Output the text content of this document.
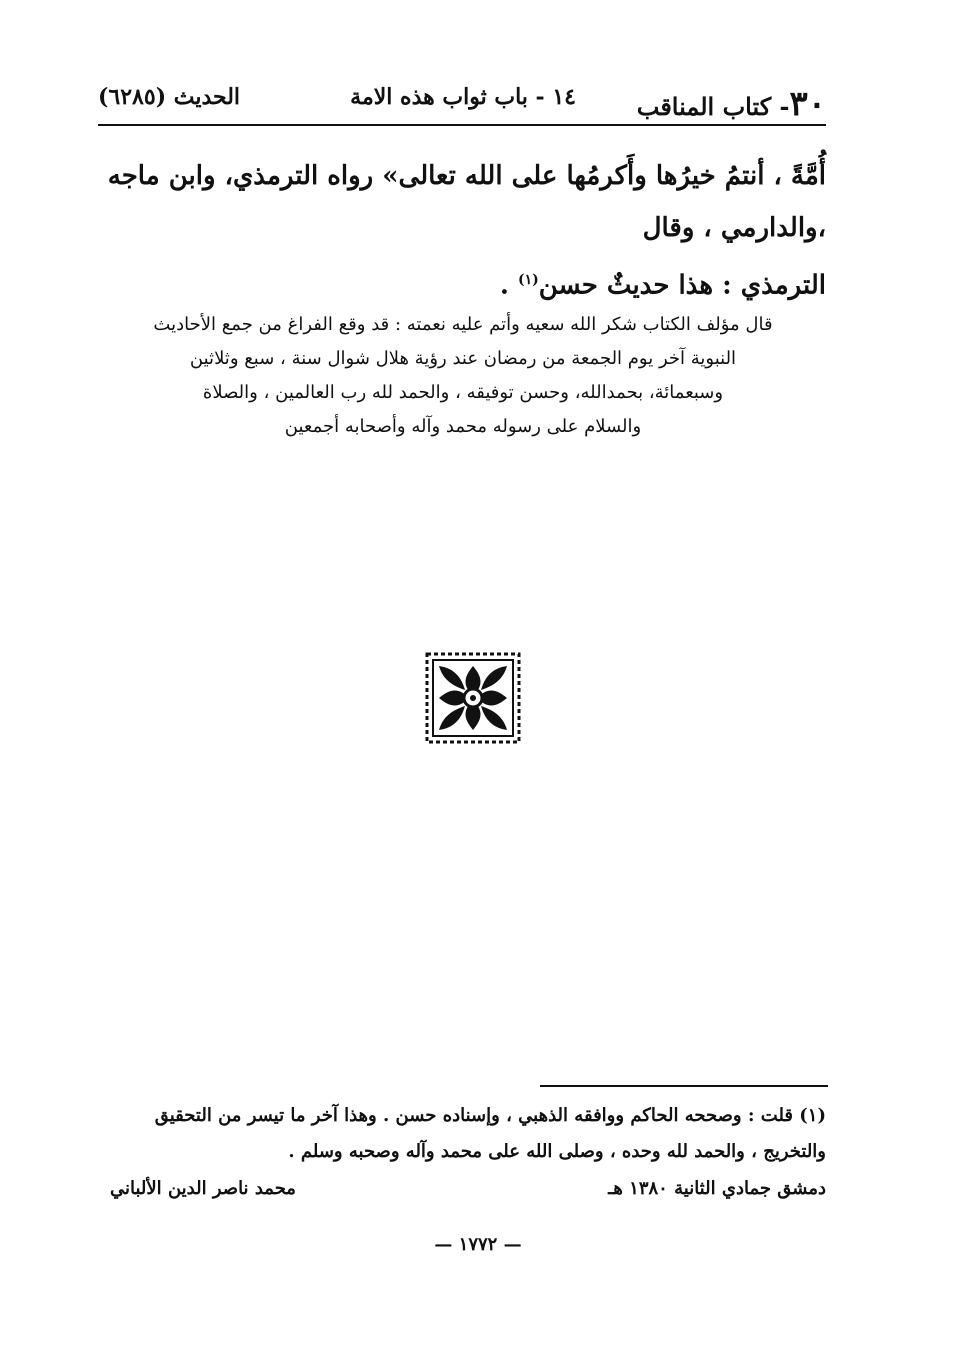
٣٠- كتاب المناقب
١٤ - باب ثواب هذه الامة
الحديث (٦٢٨٥)
أُمَّةً ، أنتمُ خيرُها وأَكرمُها على الله تعالى» رواه الترمذي، وابن ماجه ،والدارمي ، وقال
الترمذي : هذا حديثٌ حسن$^{(١)}$ .
قال مؤلف الكتاب شكر الله سعيه وأتم عليه نعمته : قد وقع الفراغ من جمع الأحاديث
النبوية آخر يوم الجمعة من رمضان عند رؤية هلال شوال سنة ، سبع وثلاثين
وسبعمائة، بحمدالله، وحسن توفيقه ، والحمد لله رب العالمين ، والصلاة
والسلام على رسوله محمد وآله وأصحابه أجمعين
(١) قلت : وصححه الحاكم ووافقه الذهبي ، وإسناده حسن . وهذا آخر ما تيسر من التحقيق
والتخريج ، والحمد لله وحده ، وصلى الله على محمد وآله وصحبه وسلم .
دمشق جمادي الثانية ١٣٨٠ هـ
محمد ناصر الدين الألباني
— ١٧٧٢ —
